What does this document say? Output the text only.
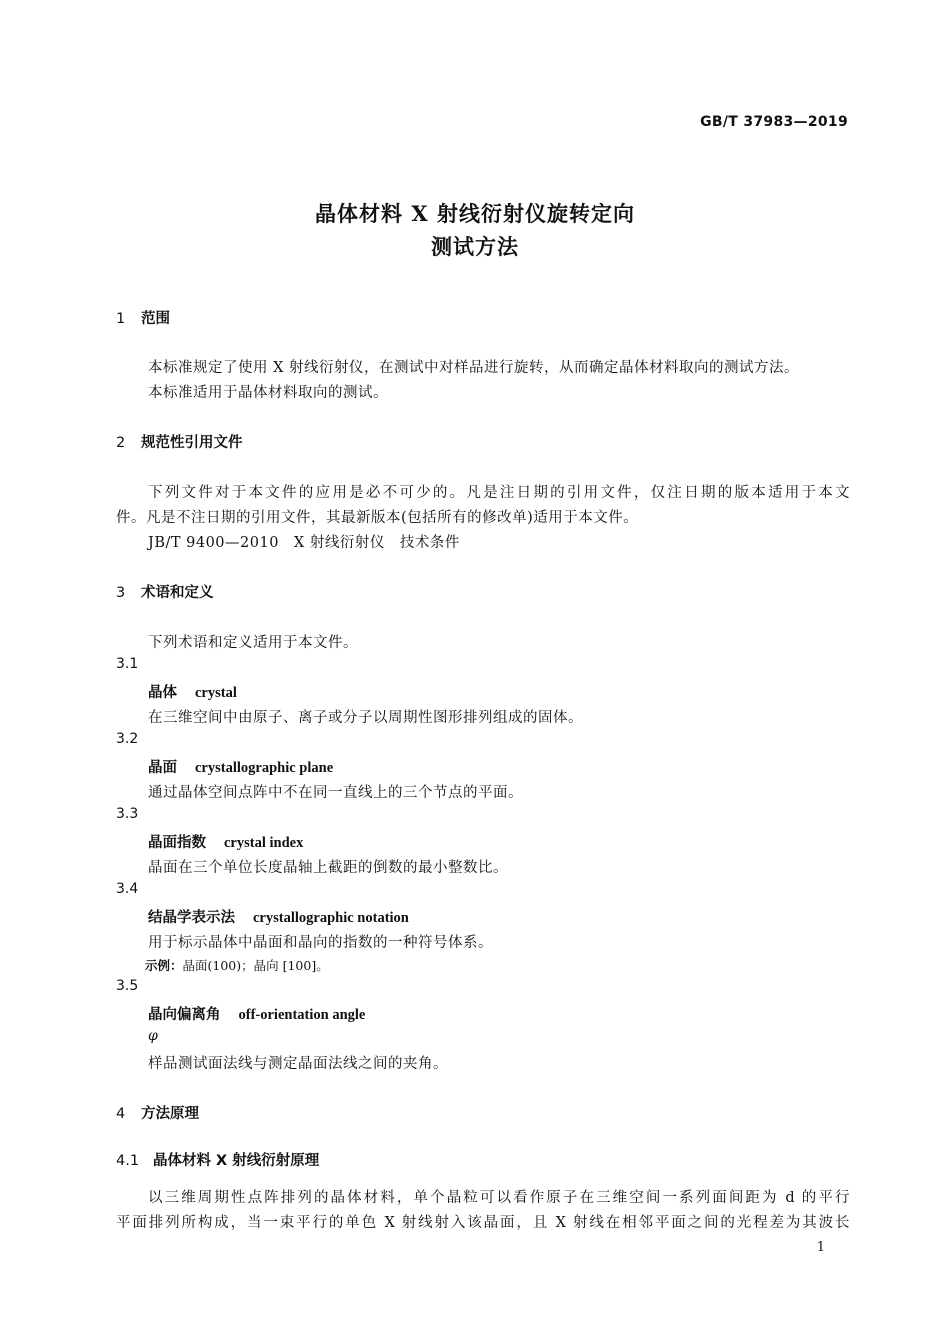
GB/T 37983—2019
晶体材料 X 射线衍射仪旋转定向
测试方法
1 范围
本标准规定了使用 X 射线衍射仪，在测试中对样品进行旋转，从而确定晶体材料取向的测试方法。
本标准适用于晶体材料取向的测试。
2 规范性引用文件
下列文件对于本文件的应用是必不可少的。凡是注日期的引用文件，仅注日期的版本适用于本文
件。凡是不注日期的引用文件，其最新版本(包括所有的修改单)适用于本文件。
JB/T 9400—2010　X 射线衍射仪　技术条件
3 术语和定义
下列术语和定义适用于本文件。
3.1
晶体 crystal
在三维空间中由原子、离子或分子以周期性图形排列组成的固体。
3.2
晶面 crystallographic plane
通过晶体空间点阵中不在同一直线上的三个节点的平面。
3.3
晶面指数 crystal index
晶面在三个单位长度晶轴上截距的倒数的最小整数比。
3.4
结晶学表示法 crystallographic notation
用于标示晶体中晶面和晶向的指数的一种符号体系。
示例：晶面(100)；晶向 [100]。
3.5
晶向偏离角 off-orientation angle
φ
样品测试面法线与测定晶面法线之间的夹角。
4 方法原理
4.1 晶体材料 X 射线衍射原理
以三维周期性点阵排列的晶体材料，单个晶粒可以看作原子在三维空间一系列面间距为 d 的平行
平面排列所构成，当一束平行的单色 X 射线射入该晶面，且 X 射线在相邻平面之间的光程差为其波长
1
